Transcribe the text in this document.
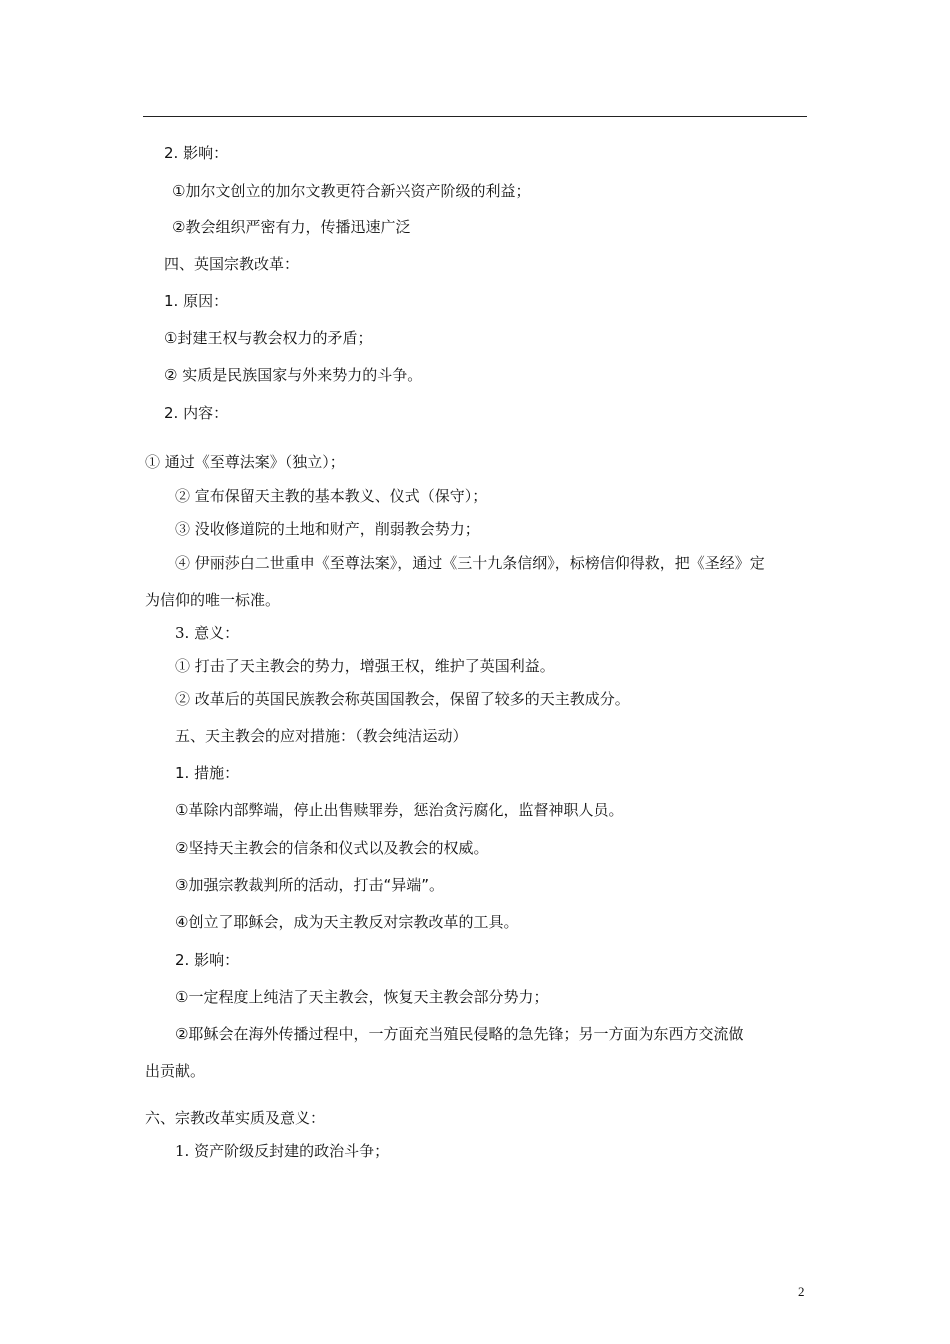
2. 影响：
①加尔文创立的加尔文教更符合新兴资产阶级的利益；
②教会组织严密有力，传播迅速广泛
四、英国宗教改革：
1. 原因：
①封建王权与教会权力的矛盾；
② 实质是民族国家与外来势力的斗争。
2. 内容：
① 通过《至尊法案》（独立）；
② 宣布保留天主教的基本教义、仪式（保守）；
③ 没收修道院的土地和财产，削弱教会势力；
④ 伊丽莎白二世重申《至尊法案》，通过《三十九条信纲》，标榜信仰得救，把《圣经》定
为信仰的唯一标准。
3. 意义：
① 打击了天主教会的势力，增强王权，维护了英国利益。
② 改革后的英国民族教会称英国国教会，保留了较多的天主教成分。
五、天主教会的应对措施：（教会纯洁运动）
1. 措施：
①革除内部弊端，停止出售赎罪券，惩治贪污腐化，监督神职人员。
②坚持天主教会的信条和仪式以及教会的权威。
③加强宗教裁判所的活动，打击“异端”。
④创立了耶稣会，成为天主教反对宗教改革的工具。
2. 影响：
①一定程度上纯洁了天主教会，恢复天主教会部分势力；
②耶稣会在海外传播过程中，一方面充当殖民侵略的急先锋；另一方面为东西方交流做
出贡献。
六、宗教改革实质及意义：
1. 资产阶级反封建的政治斗争；
2
